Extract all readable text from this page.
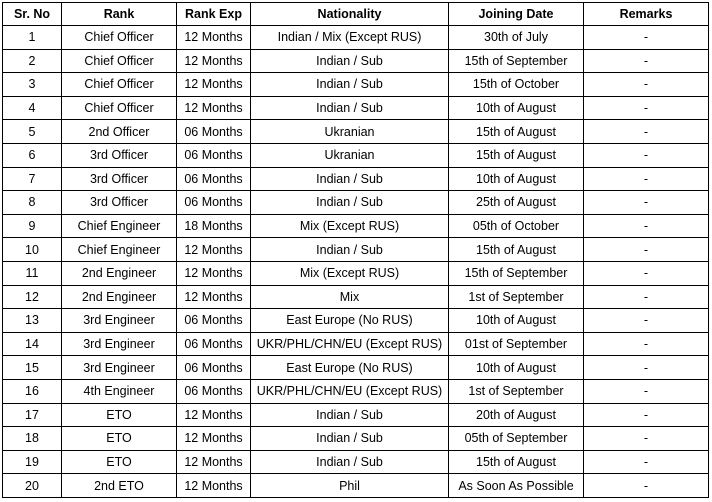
Sr. No	Rank	Rank Exp	Nationality	Joining Date	Remarks
1	Chief Officer	12 Months	Indian / Mix (Except RUS)	30th of July	-
2	Chief Officer	12 Months	Indian / Sub	15th of September	-
3	Chief Officer	12 Months	Indian / Sub	15th of October	-
4	Chief Officer	12 Months	Indian / Sub	10th of August	-
5	2nd Officer	06 Months	Ukranian	15th of August	-
6	3rd Officer	06 Months	Ukranian	15th of August	-
7	3rd Officer	06 Months	Indian / Sub	10th of August	-
8	3rd Officer	06 Months	Indian / Sub	25th of August	-
9	Chief Engineer	18 Months	Mix (Except RUS)	05th of October	-
10	Chief Engineer	12 Months	Indian / Sub	15th of August	-
11	2nd Engineer	12 Months	Mix (Except RUS)	15th of September	-
12	2nd Engineer	12 Months	Mix	1st of September	-
13	3rd Engineer	06 Months	East Europe (No RUS)	10th of August	-
14	3rd Engineer	06 Months	UKR/PHL/CHN/EU (Except RUS)	01st of September	-
15	3rd Engineer	06 Months	East Europe (No RUS)	10th of August	-
16	4th Engineer	06 Months	UKR/PHL/CHN/EU (Except RUS)	1st of September	-
17	ETO	12 Months	Indian / Sub	20th of August	-
18	ETO	12 Months	Indian / Sub	05th of September	-
19	ETO	12 Months	Indian / Sub	15th of August	-
20	2nd ETO	12 Months	Phil	As Soon As Possible	-
